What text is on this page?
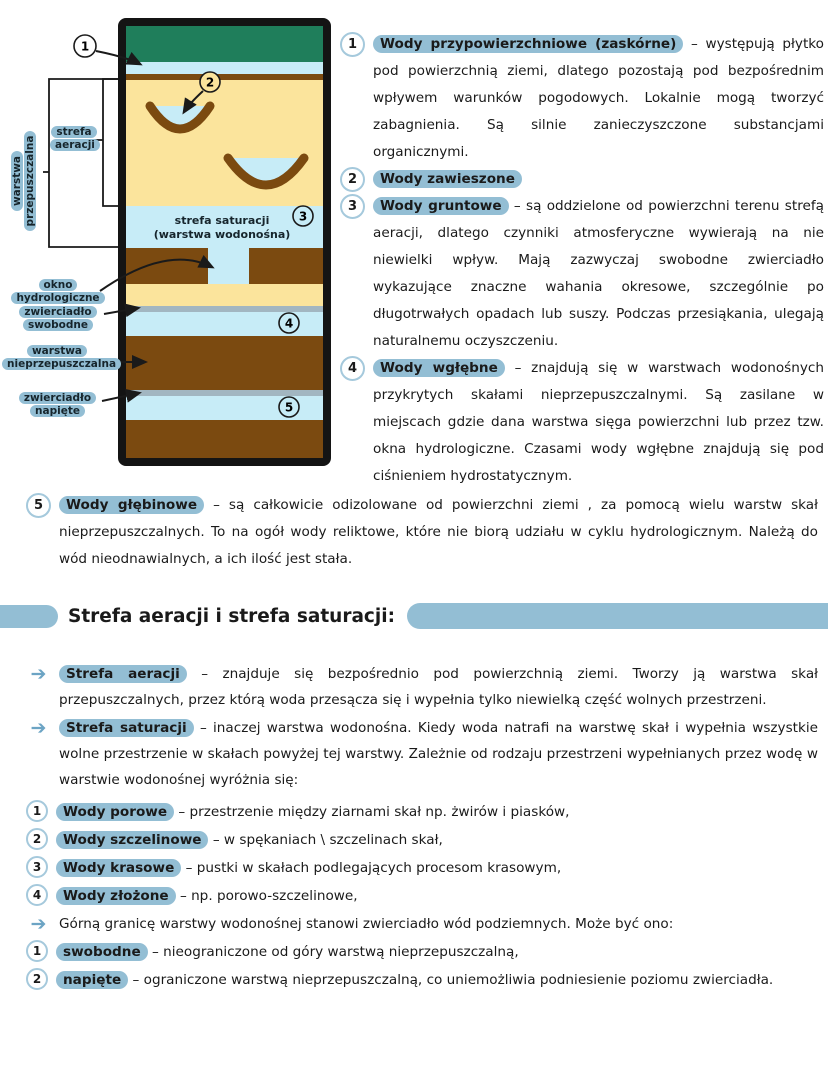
1
2
3
4
5
strefa saturacji
(warstwa wodonośna)
strefa aeracji
warstwa przepuszczalna
okno hydrologiczne
zwierciadło swobodne
warstwa nieprzepuszczalna
zwierciadło napięte
1	Wody przypowierzchniowe (zaskórne) – występują płytko pod powierzchnią ziemi, dlatego pozostają pod bezpośrednim wpływem warunków pogodowych. Lokalnie mogą tworzyć zabagnienia. Są silnie zanieczyszczone substancjami organicznymi.
2	Wody zawieszone
3	Wody gruntowe – są oddzielone od powierzchni terenu strefą aeracji, dlatego czynniki atmosferyczne wywierają na nie niewielki wpływ. Mają zazwyczaj swobodne zwierciadło wykazujące znaczne wahania okresowe, szczególnie po długotrwałych opadach lub suszy. Podczas przesiąkania, ulegają naturalnemu oczyszczeniu.
4	Wody wgłębne – znajdują się w warstwach wodonośnych przykrytych skałami nieprzepuszczalnymi. Są zasilane w miejscach gdzie dana warstwa sięga powierzchni lub przez tzw. okna hydrologiczne. Czasami wody wgłębne znajdują się pod ciśnieniem hydrostatycznym.
5	Wody głębinowe – są całkowicie odizolowane od powierzchni ziemi , za pomocą wielu warstw skał nieprzepuszczalnych. To na ogół wody reliktowe, które nie biorą udziału w cyklu hydrologicznym. Należą do wód nieodnawialnych, a ich ilość jest stała.
Strefa aeracji i strefa saturacji:
➔	Strefa aeracji – znajduje się bezpośrednio pod powierzchnią ziemi. Tworzy ją warstwa skał przepuszczalnych, przez którą woda przesącza się i wypełnia tylko niewielką część wolnych przestrzeni.
➔	Strefa saturacji – inaczej warstwa wodonośna. Kiedy woda natrafi na warstwę skał i wypełnia wszystkie wolne przestrzenie w skałach powyżej tej warstwy. Zależnie od rodzaju przestrzeni wypełnianych przez wodę w warstwie wodonośnej wyróżnia się:
1	Wody porowe – przestrzenie między ziarnami skał np. żwirów i piasków,
2	Wody szczelinowe – w spękaniach \ szczelinach skał,
3	Wody krasowe – pustki w skałach podlegających procesom krasowym,
4	Wody złożone – np. porowo-szczelinowe,
➔ Górną granicę warstwy wodonośnej stanowi zwierciadło wód podziemnych. Może być ono:
1	swobodne – nieograniczone od góry warstwą nieprzepuszczalną,
2	napięte – ograniczone warstwą nieprzepuszczalną, co uniemożliwia podniesienie poziomu zwierciadła.
